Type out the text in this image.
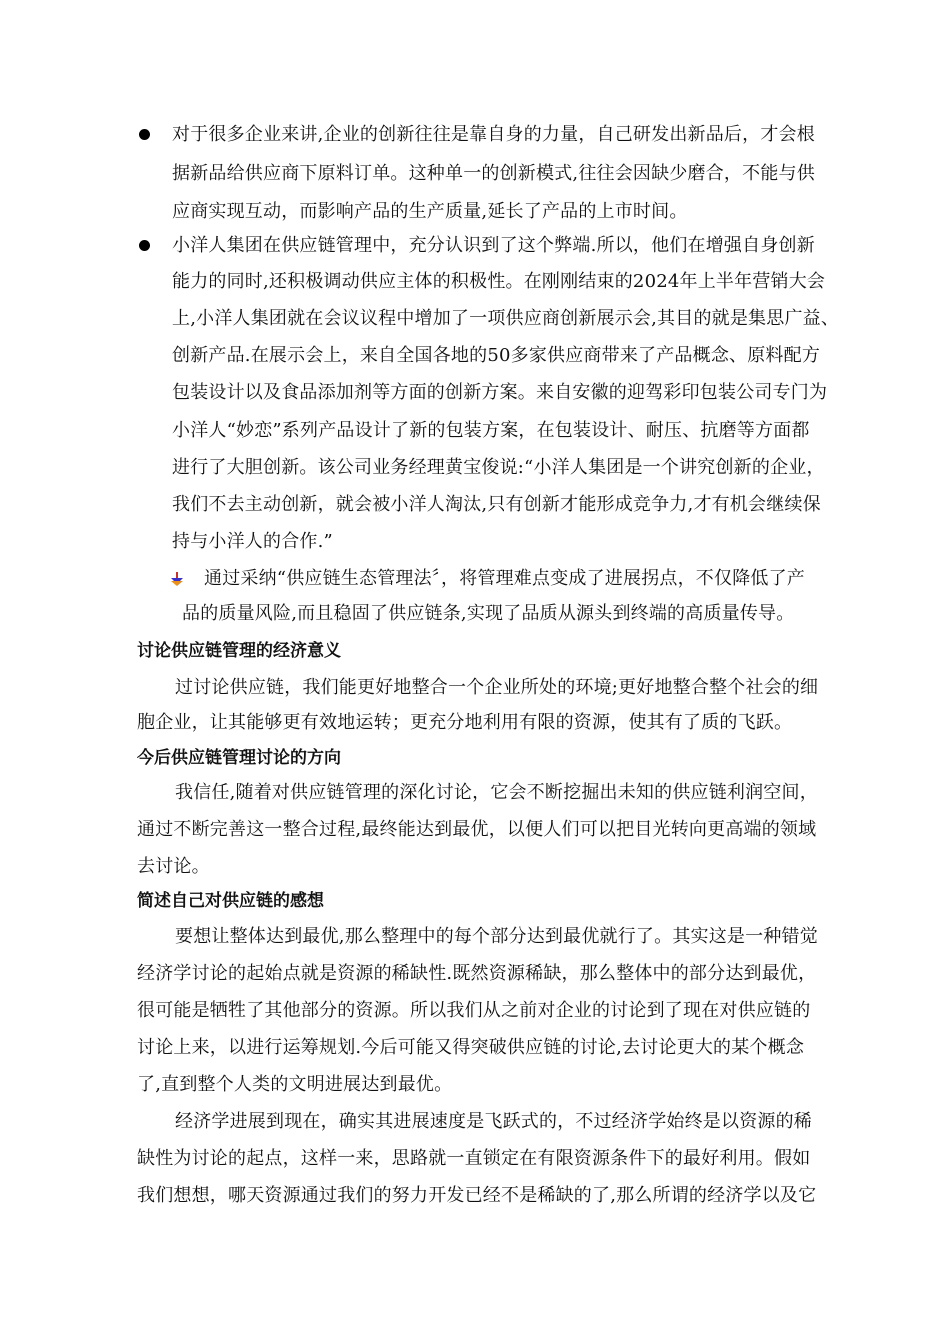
对于很多企业来讲,企业的创新往往是靠自身的力量，自己研发出新品后，才会根
据新品给供应商下原料订单。这种单一的创新模式,往往会因缺少磨合，不能与供
应商实现互动，而影响产品的生产质量,延长了产品的上市时间。
小洋人集团在供应链管理中，充分认识到了这个弊端.所以，他们在增强自身创新
能力的同时,还积极调动供应主体的积极性。在刚刚结束的2024年上半年营销大会
上,小洋人集团就在会议议程中增加了一项供应商创新展示会,其目的就是集思广益、
创新产品.在展示会上，来自全国各地的50多家供应商带来了产品概念、原料配方
包装设计以及食品添加剂等方面的创新方案。来自安徽的迎驾彩印包装公司专门为
小洋人“妙恋”系列产品设计了新的包装方案，在包装设计、耐压、抗磨等方面都
进行了大胆创新。该公司业务经理黄宝俊说:“小洋人集团是一个讲究创新的企业，
我们不去主动创新，就会被小洋人淘汰,只有创新才能形成竞争力,才有机会继续保
持与小洋人的合作.”
通过采纳“供应链生态管理法〞，将管理难点变成了进展拐点，不仅降低了产
品的质量风险,而且稳固了供应链条,实现了品质从源头到终端的高质量传导。
讨论供应链管理的经济意义
过讨论供应链，我们能更好地整合一个企业所处的环境;更好地整合整个社会的细
胞企业，让其能够更有效地运转；更充分地利用有限的资源，使其有了质的飞跃。
今后供应链管理讨论的方向
我信任,随着对供应链管理的深化讨论，它会不断挖掘出未知的供应链利润空间，
通过不断完善这一整合过程,最终能达到最优，以便人们可以把目光转向更高端的领域
去讨论。
简述自己对供应链的感想
要想让整体达到最优,那么整理中的每个部分达到最优就行了。其实这是一种错觉
经济学讨论的起始点就是资源的稀缺性.既然资源稀缺，那么整体中的部分达到最优，
很可能是牺牲了其他部分的资源。所以我们从之前对企业的讨论到了现在对供应链的
讨论上来，以进行运筹规划.今后可能又得突破供应链的讨论,去讨论更大的某个概念
了,直到整个人类的文明进展达到最优。
经济学进展到现在，确实其进展速度是飞跃式的，不过经济学始终是以资源的稀
缺性为讨论的起点，这样一来，思路就一直锁定在有限资源条件下的最好利用。假如
我们想想，哪天资源通过我们的努力开发已经不是稀缺的了,那么所谓的经济学以及它
